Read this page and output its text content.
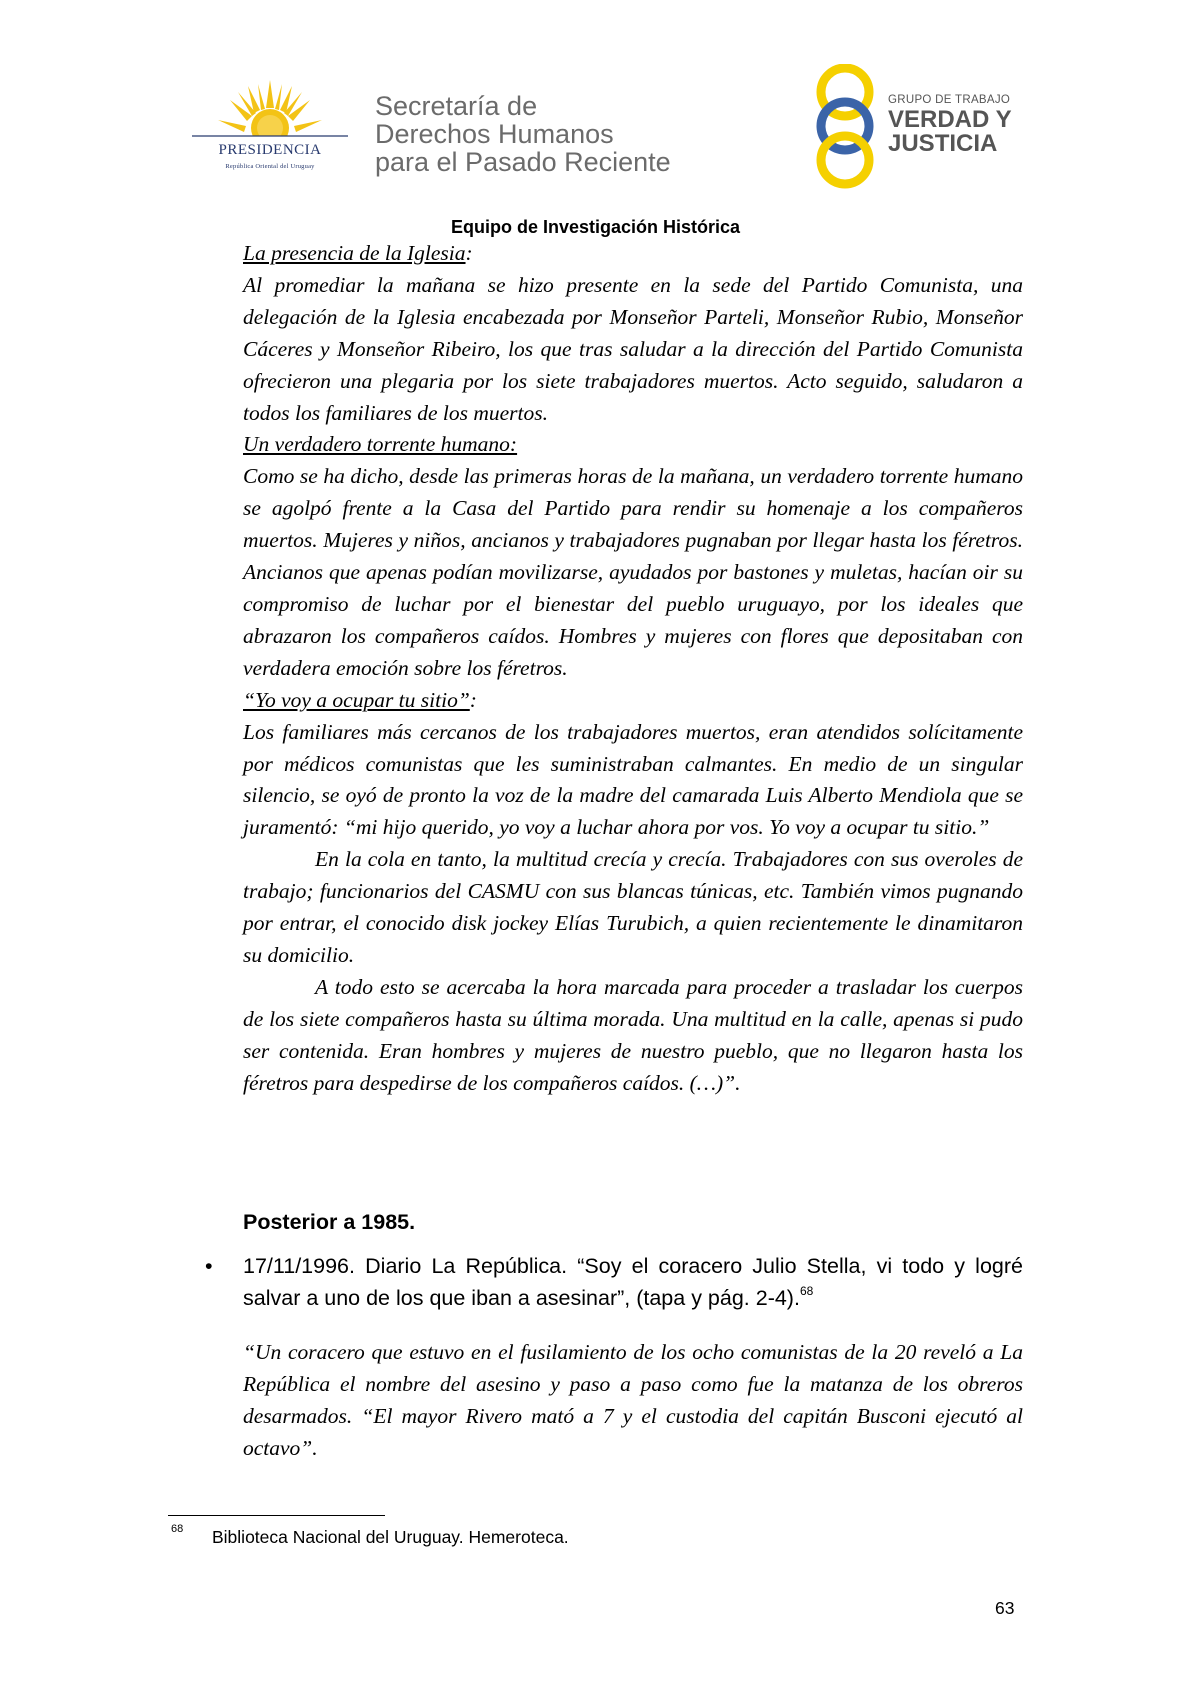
PRESIDENCIA
República Oriental del Uruguay
Secretaría de
Derechos Humanos
para el Pasado Reciente
GRUPO DE TRABAJO
VERDAD Y
JUSTICIA
Equipo de Investigación Histórica

La presencia de la Iglesia:

Al promediar la mañana se hizo presente en la sede del Partido Comunista, una delegación de la Iglesia encabezada por Monseñor Parteli, Monseñor Rubio, Monseñor Cáceres y Monseñor Ribeiro, los que tras saludar a la dirección del Partido Comunista ofrecieron una plegaria por los siete trabajadores muertos. Acto seguido, saludaron a todos los familiares de los muertos.

Un verdadero torrente humano:

Como se ha dicho, desde las primeras horas de la mañana, un verdadero torrente humano se agolpó frente a la Casa del Partido para rendir su homenaje a los compañeros muertos. Mujeres y niños, ancianos y trabajadores pugnaban por llegar hasta los féretros. Ancianos que apenas podían movilizarse, ayudados por bastones y muletas, hacían oir su compromiso de luchar por el bienestar del pueblo uruguayo, por los ideales que abrazaron los compañeros caídos. Hombres y mujeres con flores que depositaban con verdadera emoción sobre los féretros.

“Yo voy a ocupar tu sitio”:

Los familiares más cercanos de los trabajadores muertos, eran atendidos solícitamente por médicos comunistas que les suministraban calmantes. En medio de un singular silencio, se oyó de pronto la voz de la madre del camarada Luis Alberto Mendiola que se juramentó: “mi hijo querido, yo voy a luchar ahora por vos. Yo voy a ocupar tu sitio.”

En la cola en tanto, la multitud crecía y crecía. Trabajadores con sus overoles de trabajo; funcionarios del CASMU con sus blancas túnicas, etc. También vimos pugnando por entrar, el conocido disk jockey Elías Turubich, a quien recientemente le dinamitaron su domicilio.

A todo esto se acercaba la hora marcada para proceder a trasladar los cuerpos de los siete compañeros hasta su última morada. Una multitud en la calle, apenas si pudo ser contenida. Eran hombres y mujeres de nuestro pueblo, que no llegaron hasta los féretros para despedirse de los compañeros caídos. (…)”.

Posterior a 1985.
• 17/11/1996. Diario La República. “Soy el coracero Julio Stella, vi todo y logré salvar a uno de los que iban a asesinar”, (tapa y pág. 2-4).$^{68}$

“Un coracero que estuvo en el fusilamiento de los ocho comunistas de la 20 reveló a La República el nombre del asesino y paso a paso como fue la matanza de los obreros desarmados. “El mayor Rivero mató a 7 y el custodia del capitán Busconi ejecutó al octavo”.

68 Biblioteca Nacional del Uruguay. Hemeroteca.
63
